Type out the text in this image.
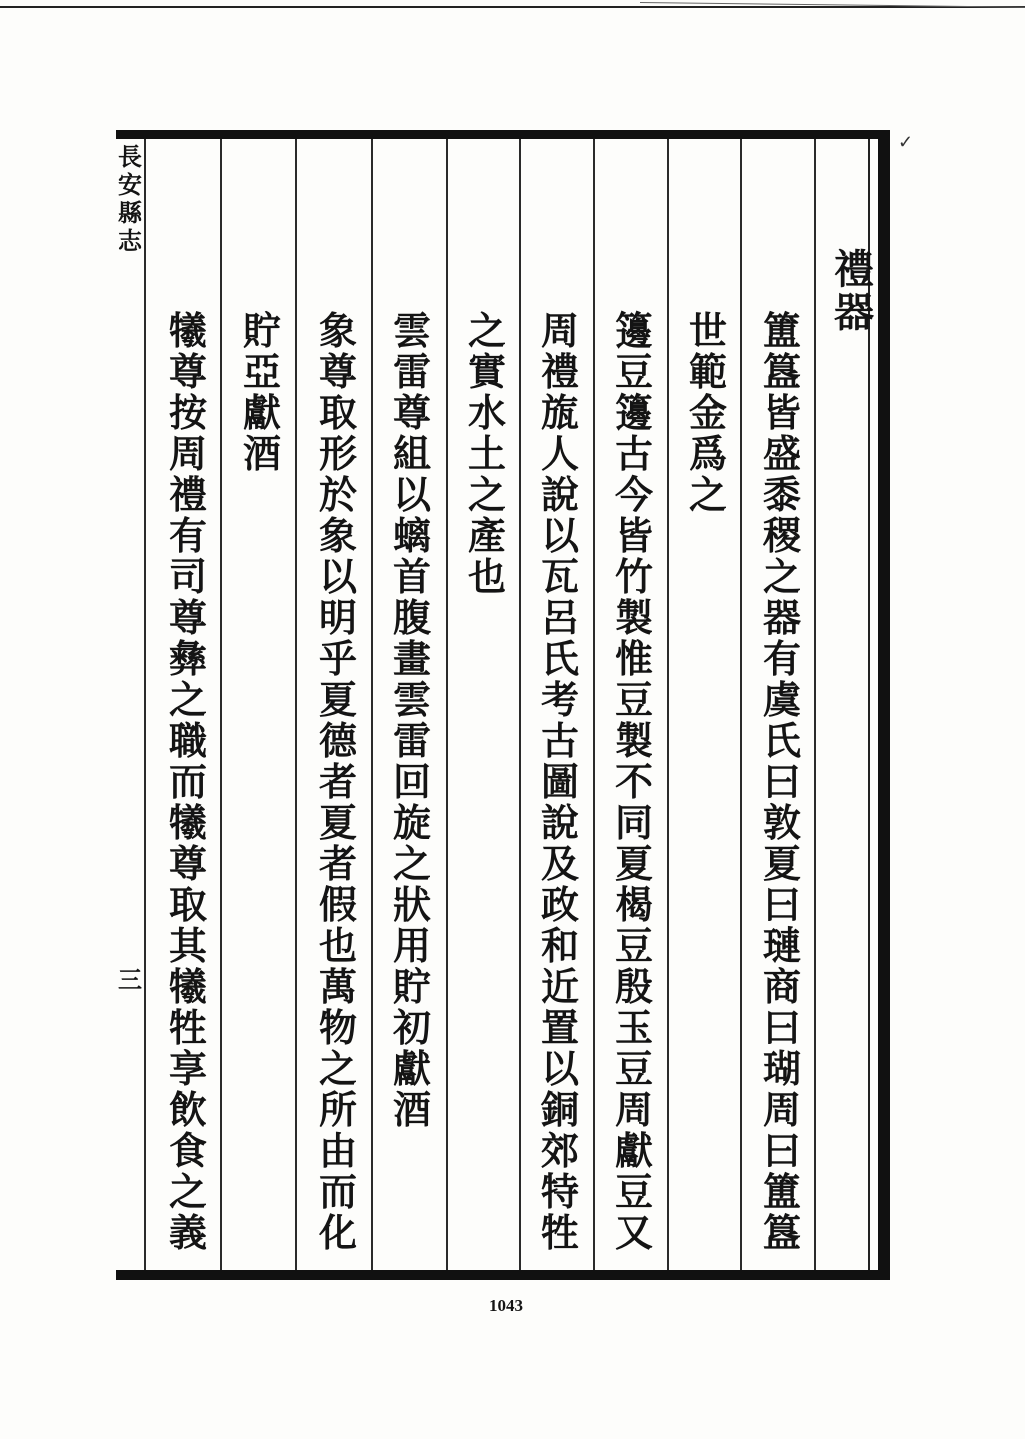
✓
長
安
縣
志
三
禮
器
簠
簋
皆
盛
黍
稷
之
器
有
虞
氏
曰
敦
夏
曰
璉
商
曰
瑚
周
曰
簠
簋
世
範
金
爲
之
籩
豆
籩
古
今
皆
竹
製
惟
豆
製
不
同
夏
楬
豆
殷
玉
豆
周
獻
豆
又
周
禮
旊
人
說
以
瓦
呂
氏
考
古
圖
說
及
政
和
近
置
以
銅
郊
特
牲
之
實
水
土
之
產
也
雲
雷
尊
組
以
螭
首
腹
畫
雲
雷
回
旋
之
狀
用
貯
初
獻
酒
象
尊
取
形
於
象
以
明
乎
夏
德
者
夏
者
假
也
萬
物
之
所
由
而
化
貯
亞
獻
酒
犧
尊
按
周
禮
有
司
尊
彝
之
職
而
犧
尊
取
其
犧
牲
享
飲
食
之
義
1043
